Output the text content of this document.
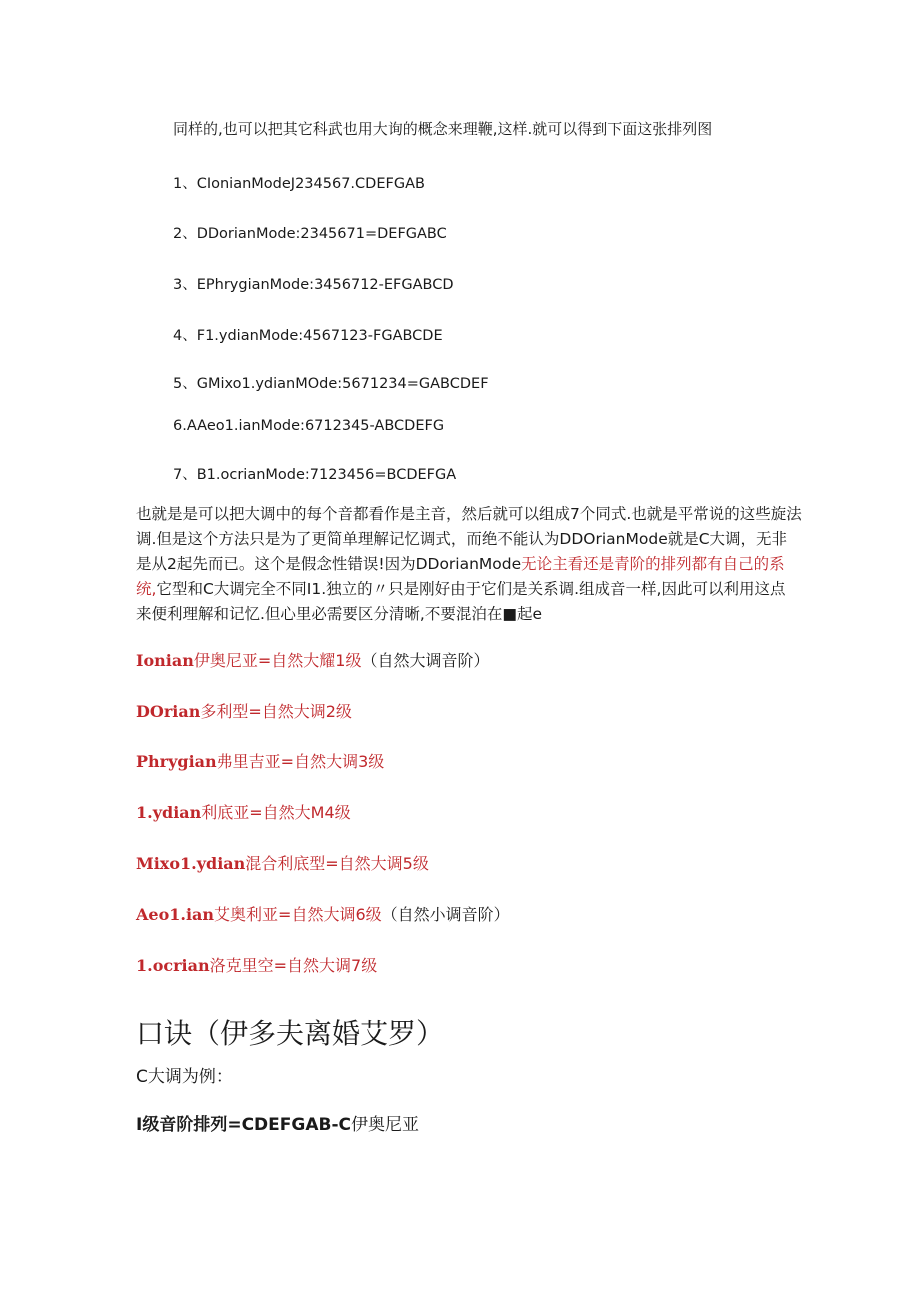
同样的,也可以把其它科武也用大询的概念来理鞭,这样.就可以得到下面这张排列图

1、CIonianModeJ234567.CDEFGAB

2、DDorianMode:2345671=DEFGABC

3、EPhrygianMode:3456712-EFGABCD

4、F1.ydianMode:4567123-FGABCDE

5、GMixo1.ydianMOde:5671234=GABCDEF

6.AAeo1.ianMode:6712345-ABCDEFG

7、B1.ocrianMode:7123456=BCDEFGA

也就是是可以把大调中的每个音都看作是主音，然后就可以组成7个同式.也就是平常说的这些旋法
调.但是这个方法只是为了更简单理解记忆调式，而绝不能认为DDOrianMode就是C大调，无非
是从2起先而已。这个是假念性错误!因为DDorianMode无论主看还是青阶的排列都有自己的系
统,它型和C大调完全不同I1.独立的〃只是刚好由于它们是关系调.组成音一样,因此可以利用这点
来便利理解和记忆.但心里必需要区分清晰,不要混泊在■起e

Ionian伊奥尼亚=自然大耀1级（自然大调音阶）

DOrian多利型=自然大调2级

Phrygian弗里吉亚=自然大调3级

1.ydian利底亚=自然大M4级

Mixo1.ydian混合利底型=自然大调5级

Aeo1.ian艾奥利亚=自然大调6级（自然小调音阶）

1.ocrian洛克里空=自然大调7级

口诀（伊多夫离婚艾罗）

C大调为例：

I级音阶排列=CDEFGAB-C伊奥尼亚
